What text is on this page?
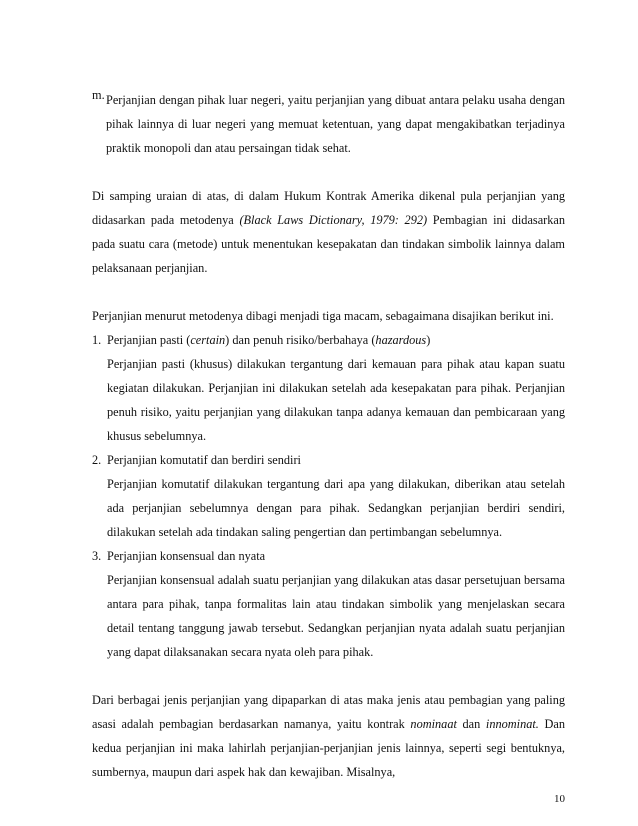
m. Perjanjian dengan pihak luar negeri, yaitu perjanjian yang dibuat antara pelaku usaha dengan pihak lainnya di luar negeri yang memuat ketentuan, yang dapat mengakibatkan terjadinya praktik monopoli dan atau persaingan tidak sehat.

Di samping uraian di atas, di dalam Hukum Kontrak Amerika dikenal pula perjanjian yang didasarkan pada metodenya (Black Laws Dictionary, 1979: 292) Pembagian ini didasarkan pada suatu cara (metode) untuk menentukan kesepakatan dan tindakan simbolik lainnya dalam pelaksanaan perjanjian.

Perjanjian menurut metodenya dibagi menjadi tiga macam, sebagaimana disajikan berikut ini.

1. Perjanjian pasti (certain) dan penuh risiko/berbahaya (hazardous)

Perjanjian pasti (khusus) dilakukan tergantung dari kemauan para pihak atau kapan suatu kegiatan dilakukan. Perjanjian ini dilakukan setelah ada kesepakatan para pihak. Perjanjian penuh risiko, yaitu perjanjian yang dilakukan tanpa adanya kemauan dan pembicaraan yang khusus sebelumnya.

2. Perjanjian komutatif dan berdiri sendiri

Perjanjian komutatif dilakukan tergantung dari apa yang dilakukan, diberikan atau setelah ada perjanjian sebelumnya dengan para pihak. Sedangkan perjanjian berdiri sendiri, dilakukan setelah ada tindakan saling pengertian dan pertimbangan sebelumnya.

3. Perjanjian konsensual dan nyata

Perjanjian konsensual adalah suatu perjanjian yang dilakukan atas dasar persetujuan bersama antara para pihak, tanpa formalitas lain atau tindakan simbolik yang menjelaskan secara detail tentang tanggung jawab tersebut. Sedangkan perjanjian nyata adalah suatu perjanjian yang dapat dilaksanakan secara nyata oleh para pihak.

Dari berbagai jenis perjanjian yang dipaparkan di atas maka jenis atau pembagian yang paling asasi adalah pembagian berdasarkan namanya, yaitu kontrak nominaat dan innominat. Dan kedua perjanjian ini maka lahirlah perjanjian-perjanjian jenis lainnya, seperti segi bentuknya, sumbernya, maupun dari aspek hak dan kewajiban. Misalnya,

10
